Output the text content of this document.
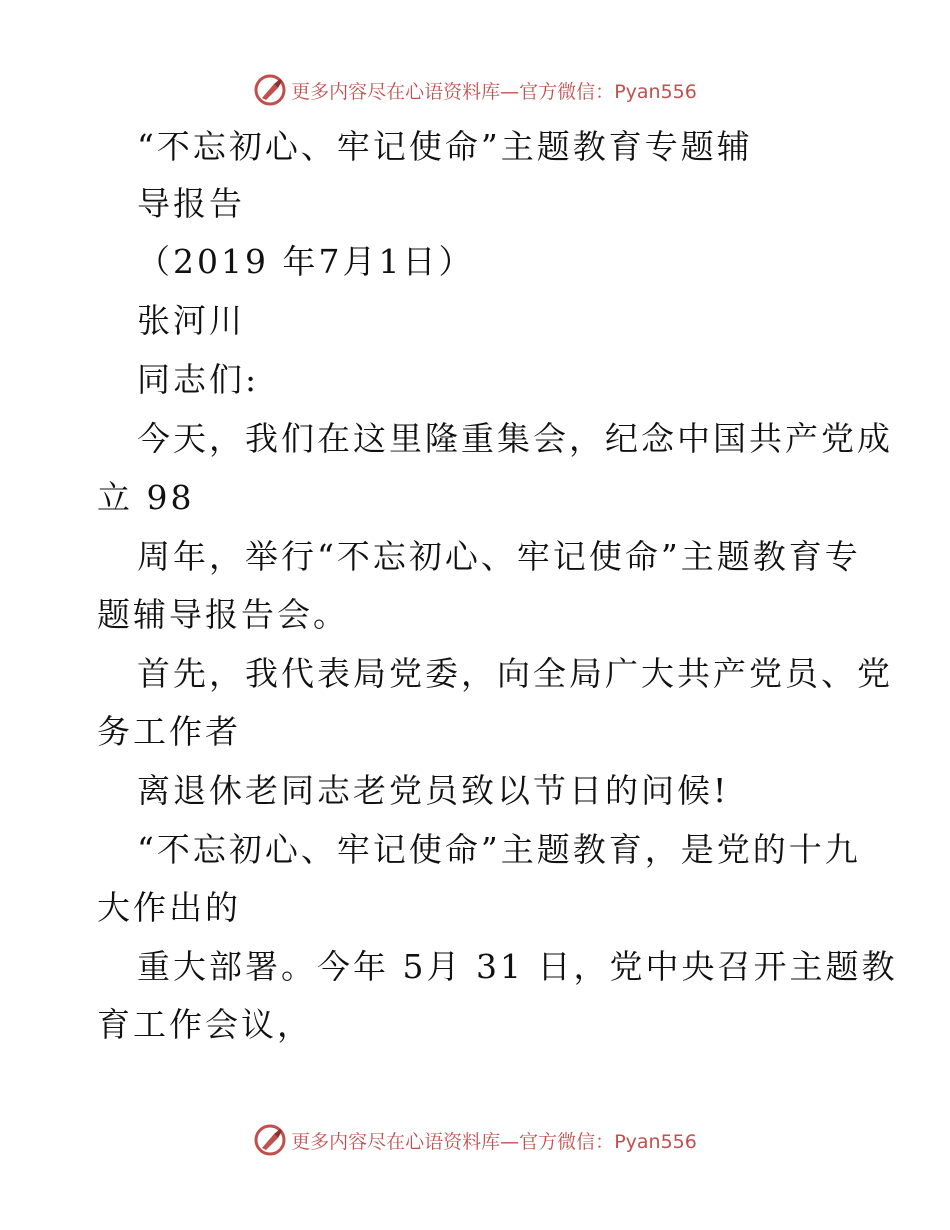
更多内容尽在心语资料库—官方微信：Pyan556
“不忘初心、牢记使命”主题教育专题辅
导报告
（2019 年7月1日）
张河川
同志们:
今天，我们在这里隆重集会，纪念中国共产党成
立 98
周年，举行“不忘初心、牢记使命”主题教育专
题辅导报告会。
首先，我代表局党委，向全局广大共产党员、党
务工作者
离退休老同志老党员致以节日的问候!
“不忘初心、牢记使命”主题教育，是党的十九
大作出的
重大部署。今年 5月 31 日，党中央召开主题教
育工作会议，
更多内容尽在心语资料库—官方微信：Pyan556
